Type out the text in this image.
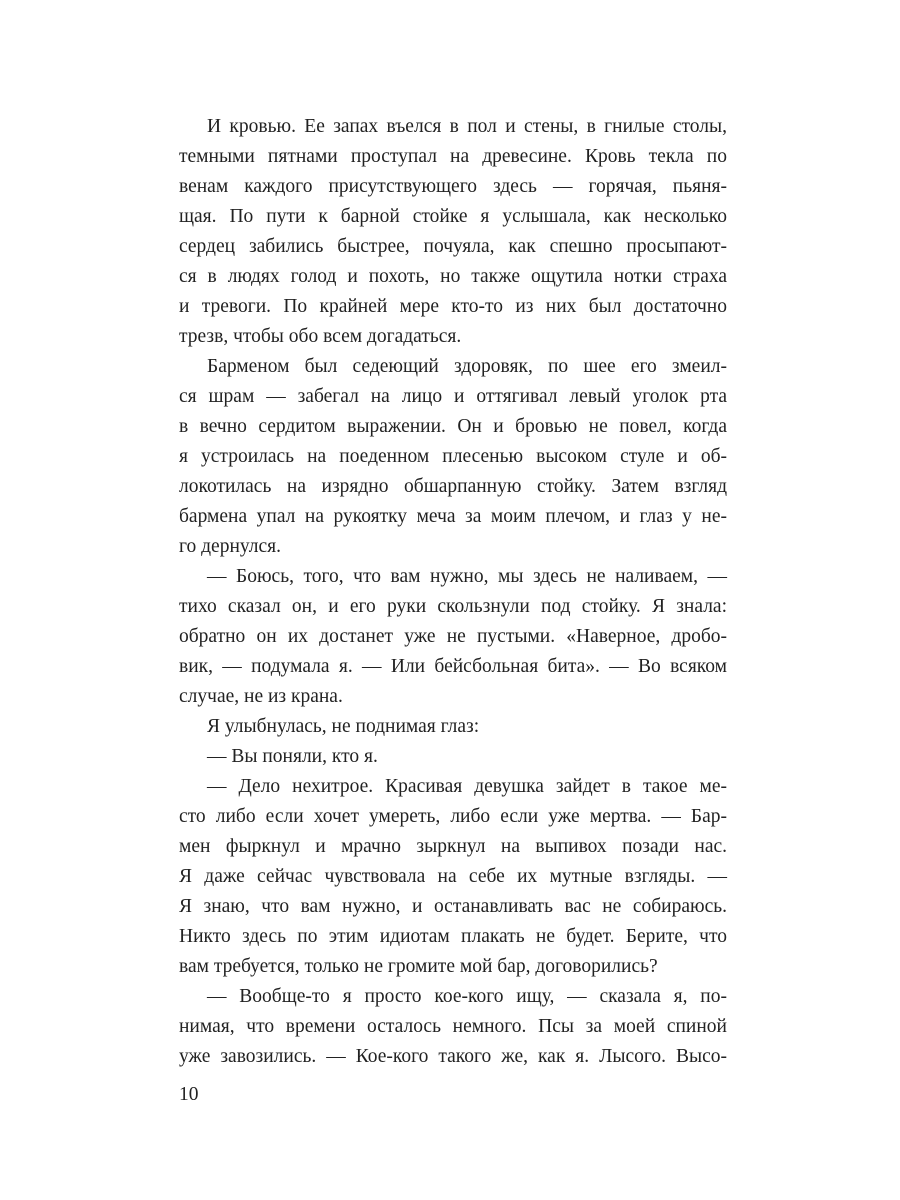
И кровью. Ее запах въелся в пол и стены, в гнилые столы,
темными пятнами проступал на древесине. Кровь текла по
венам каждого присутствующего здесь — горячая, пьяня-
щая. По пути к барной стойке я услышала, как несколько
сердец забились быстрее, почуяла, как спешно просыпают-
ся в людях голод и похоть, но также ощутила нотки страха
и тревоги. По крайней мере кто-то из них был достаточно
трезв, чтобы обо всем догадаться.
Барменом был седеющий здоровяк, по шее его змеил-
ся шрам — забегал на лицо и оттягивал левый уголок рта
в вечно сердитом выражении. Он и бровью не повел, когда
я устроилась на поеденном плесенью высоком стуле и об-
локотилась на изрядно обшарпанную стойку. Затем взгляд
бармена упал на рукоятку меча за моим плечом, и глаз у не-
го дернулся.
— Боюсь, того, что вам нужно, мы здесь не наливаем, —
тихо сказал он, и его руки скользнули под стойку. Я знала:
обратно он их достанет уже не пустыми. «Наверное, дробо-
вик, — подумала я. — Или бейсбольная бита». — Во всяком
случае, не из крана.
Я улыбнулась, не поднимая глаз:
— Вы поняли, кто я.
— Дело нехитрое. Красивая девушка зайдет в такое ме-
сто либо если хочет умереть, либо если уже мертва. — Бар-
мен фыркнул и мрачно зыркнул на выпивох позади нас.
Я даже сейчас чувствовала на себе их мутные взгляды. —
Я знаю, что вам нужно, и останавливать вас не собираюсь.
Никто здесь по этим идиотам плакать не будет. Берите, что
вам требуется, только не громите мой бар, договорились?
— Вообще-то я просто кое-кого ищу, — сказала я, по-
нимая, что времени осталось немного. Псы за моей спиной
уже завозились. — Кое-кого такого же, как я. Лысого. Высо-
10
